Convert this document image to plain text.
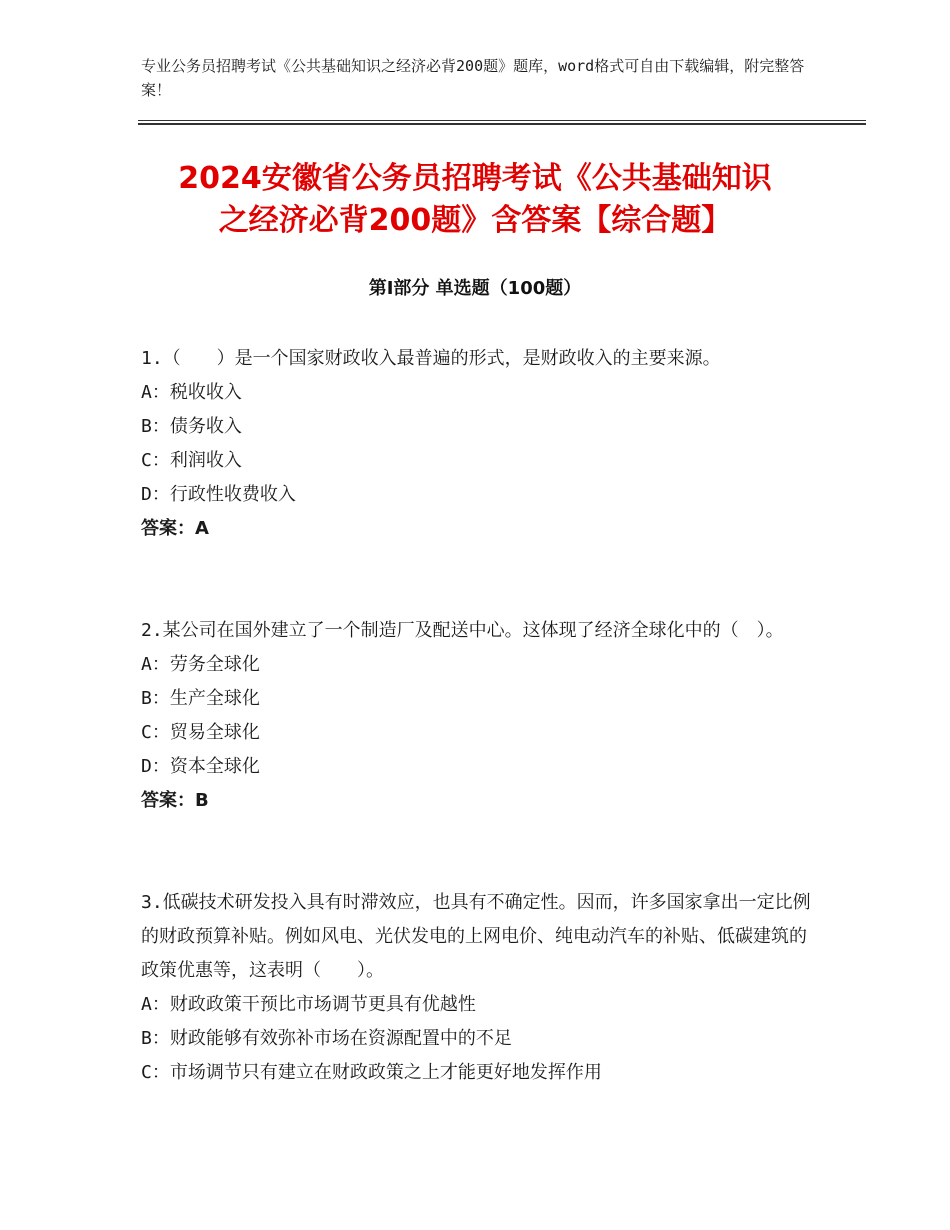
专业公务员招聘考试《公共基础知识之经济必背200题》题库，word格式可自由下载编辑，附完整答案！
2024安徽省公务员招聘考试《公共基础知识
之经济必背200题》含答案【综合题】
第I部分 单选题（100题）
1.（　　）是一个国家财政收入最普遍的形式，是财政收入的主要来源。
A：税收收入
B：债务收入
C：利润收入
D：行政性收费收入
答案：A
2.某公司在国外建立了一个制造厂及配送中心。这体现了经济全球化中的（　）。
A：劳务全球化
B：生产全球化
C：贸易全球化
D：资本全球化
答案：B
3.低碳技术研发投入具有时滞效应，也具有不确定性。因而，许多国家拿出一定比例的财政预算补贴。例如风电、光伏发电的上网电价、纯电动汽车的补贴、低碳建筑的政策优惠等，这表明（　　）。
A：财政政策干预比市场调节更具有优越性
B：财政能够有效弥补市场在资源配置中的不足
C：市场调节只有建立在财政政策之上才能更好地发挥作用
